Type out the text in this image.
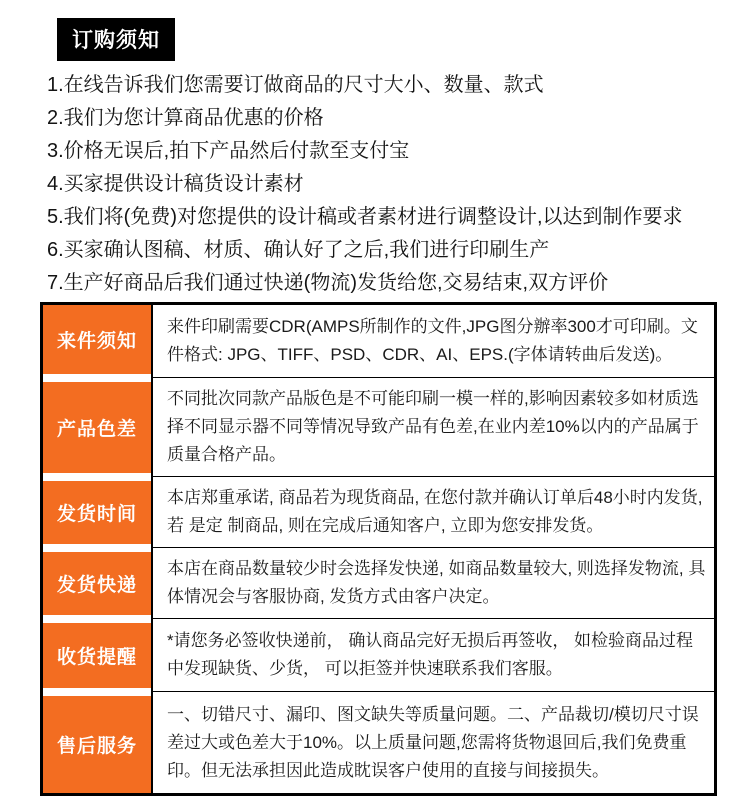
订购须知
1.在线告诉我们您需要订做商品的尺寸大小、数量、款式
2.我们为您计算商品优惠的价格
3.价格无误后,拍下产品然后付款至支付宝
4.买家提供设计稿货设计素材
5.我们将(免费)对您提供的设计稿或者素材进行调整设计,以达到制作要求
6.买家确认图稿、材质、确认好了之后,我们进行印刷生产
7.生产好商品后我们通过快递(物流)发货给您,交易结束,双方评价
来件须知
来件印刷需要CDR(AMPS所制作的文件,JPG图分辦率300才可印刷。文件格式: JPG、TIFF、PSD、CDR、AI、EPS.(字体请转曲后发送)。
产品色差
不同批次同款产品版色是不可能印刷一模一样的,影响因素较多如材质选择不同显示器不同等情况导致产品有色差,在业内差10%以内的产品属于质量合格产品。
发货时间
本店郑重承诺, 商品若为现货商品, 在您付款并确认订单后48小时内发货, 若 是定 制商品, 则在完成后通知客户, 立即为您安排发货。
发货快递
本店在商品数量较少时会选择发快递, 如商品数量较大, 则选择发物流, 具体情况会与客服协商, 发货方式由客户决定。
收货提醒
*请您务必签收快递前， 确认商品完好无损后再签收， 如检验商品过程中发现缺货、少货， 可以拒签并快速联系我们客服。
售后服务
一、切错尺寸、漏印、图文缺失等质量问题。二、产品裁切/模切尺寸误差过大或色差大于10%。以上质量问题,您需将货物退回后,我们免费重印。但无法承担因此造成眈误客户使用的直接与间接损失。
